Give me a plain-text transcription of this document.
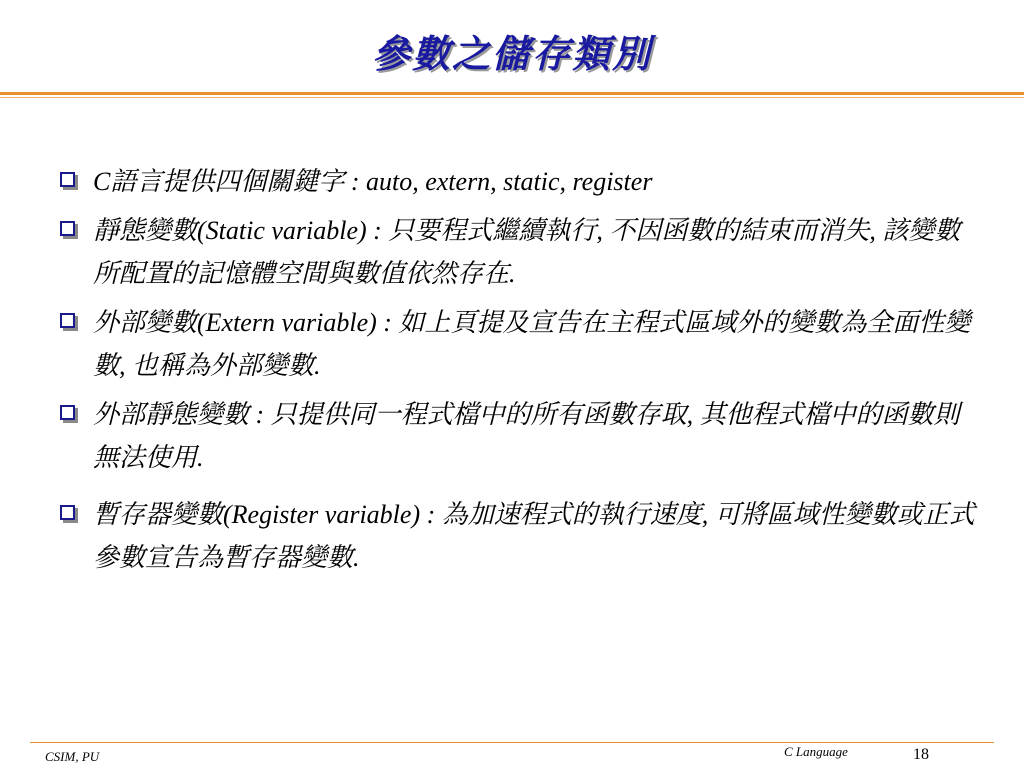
參數之儲存類別
C語言提供四個關鍵字 : auto, extern, static, register
靜態變數(Static variable) : 只要程式繼續執行, 不因函數的結束而消失, 該變數所配置的記憶體空間與數值依然存在.
外部變數(Extern variable) : 如上頁提及宣告在主程式區域外的變數為全面性變數, 也稱為外部變數.
外部靜態變數 : 只提供同一程式檔中的所有函數存取, 其他程式檔中的函數則無法使用.
暫存器變數(Register variable) : 為加速程式的執行速度, 可將區域性變數或正式參數宣告為暫存器變數.
CSIM, PU	C Language	18
